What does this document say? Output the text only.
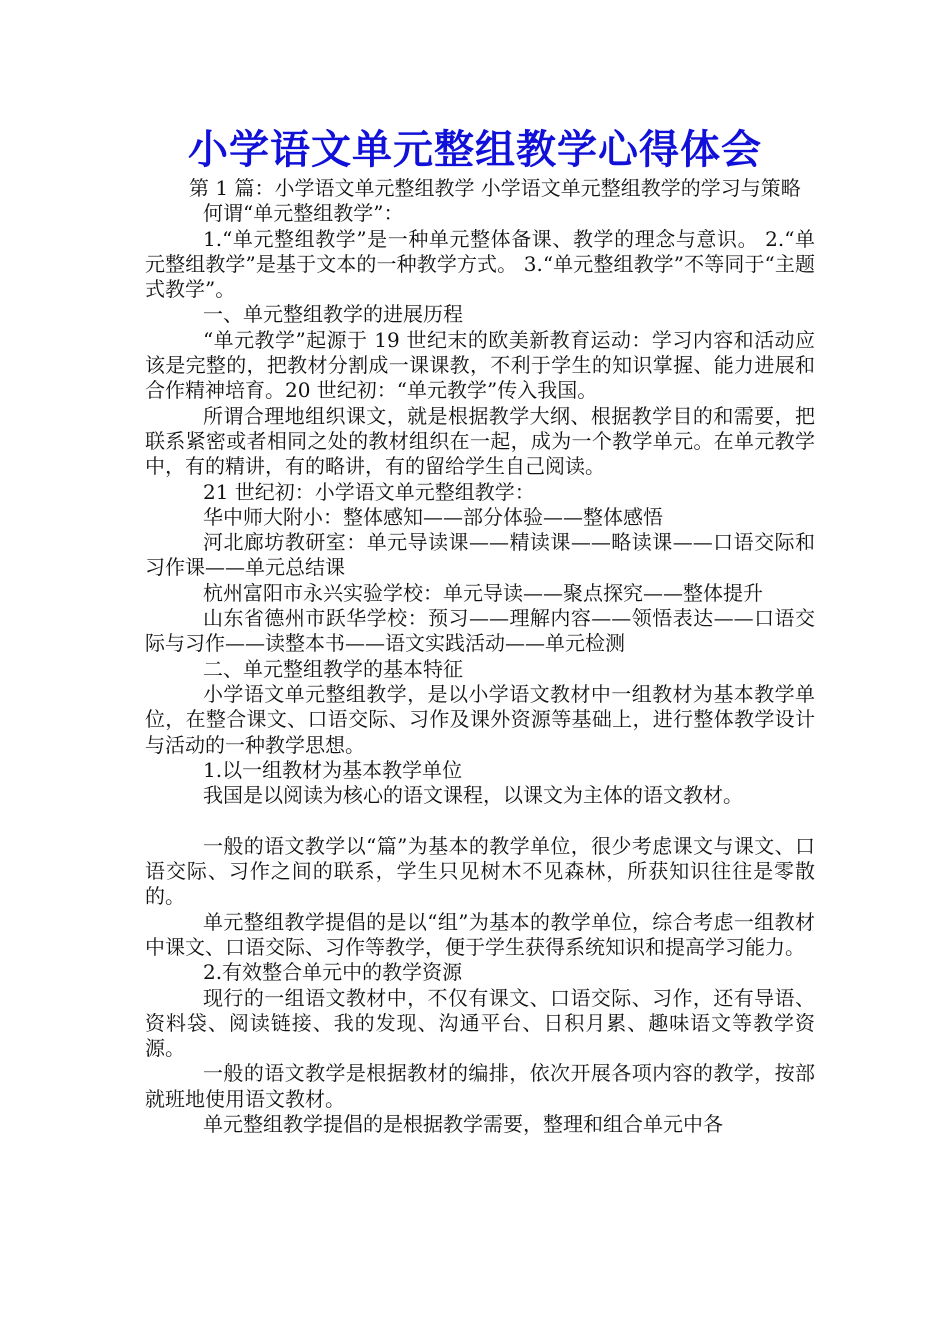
小学语文单元整组教学心得体会

第 1 篇：小学语文单元整组教学 小学语文单元整组教学的学习与策略

何谓“单元整组教学”：

1.“单元整组教学”是一种单元整体备课、教学的理念与意识。 2.“单元整组教学”是基于文本的一种教学方式。 3.“单元整组教学”不等同于“主题式教学”。

一、单元整组教学的进展历程

“单元教学”起源于 19 世纪末的欧美新教育运动：学习内容和活动应该是完整的，把教材分割成一课课教，不利于学生的知识掌握、能力进展和合作精神培育。20 世纪初：“单元教学”传入我国。

所谓合理地组织课文，就是根据教学大纲、根据教学目的和需要，把联系紧密或者相同之处的教材组织在一起，成为一个教学单元。在单元教学中，有的精讲，有的略讲，有的留给学生自己阅读。

21 世纪初：小学语文单元整组教学：

华中师大附小：整体感知——部分体验——整体感悟

河北廊坊教研室：单元导读课——精读课——略读课——口语交际和习作课——单元总结课

杭州富阳市永兴实验学校：单元导读——聚点探究——整体提升

山东省德州市跃华学校：预习——理解内容——领悟表达——口语交际与习作——读整本书——语文实践活动——单元检测

二、单元整组教学的基本特征

小学语文单元整组教学，是以小学语文教材中一组教材为基本教学单位，在整合课文、口语交际、习作及课外资源等基础上，进行整体教学设计与活动的一种教学思想。

1.以一组教材为基本教学单位

我国是以阅读为核心的语文课程，以课文为主体的语文教材。

一般的语文教学以“篇”为基本的教学单位，很少考虑课文与课文、口语交际、习作之间的联系，学生只见树木不见森林，所获知识往往是零散的。

单元整组教学提倡的是以“组”为基本的教学单位，综合考虑一组教材中课文、口语交际、习作等教学，便于学生获得系统知识和提高学习能力。

2.有效整合单元中的教学资源

现行的一组语文教材中，不仅有课文、口语交际、习作，还有导语、资料袋、阅读链接、我的发现、沟通平台、日积月累、趣味语文等教学资源。

一般的语文教学是根据教材的编排，依次开展各项内容的教学，按部就班地使用语文教材。

单元整组教学提倡的是根据教学需要，整理和组合单元中各
